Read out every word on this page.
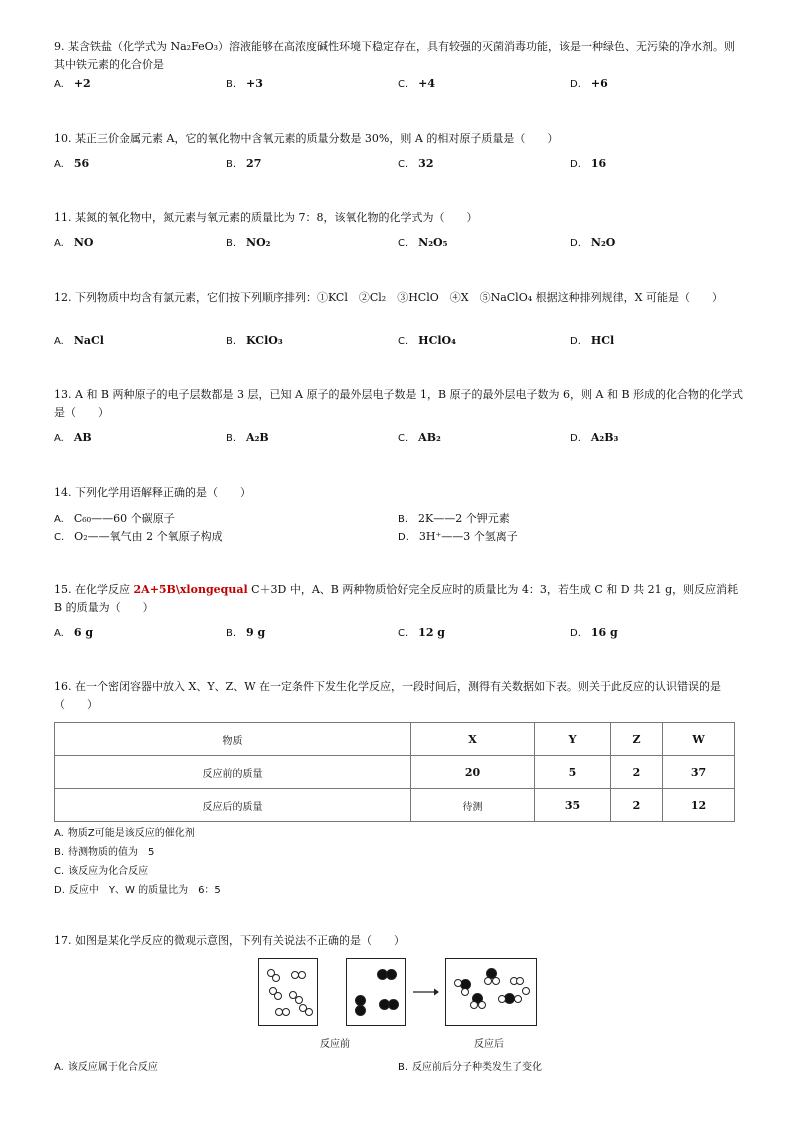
9. 某含铁盐（化学式为 Na₂FeO₃）溶液能够在高浓度碱性环境下稳定存在，具有较强的灭菌消毒功能，该是一种绿色、无污染的净水剂。则其中铁元素的化合价是
A. +2	B. +3	C. +4	D. +6
10. 某正三价金属元素 A，它的氧化物中含氧元素的质量分数是 30%，则 A 的相对原子质量是（　　）
A. 56	B. 27	C. 32	D. 16
11. 某氮的氧化物中，氮元素与氧元素的质量比为 7：8，该氧化物的化学式为（　　）
A. NO	B. NO₂	C. N₂O₅	D. N₂O
12. 下列物质中均含有氯元素，它们按下列顺序排列：①KCl　②Cl₂　③HClO　④X　⑤NaClO₄ 根据这种排列规律，X 可能是（　　）
A. NaCl	B. KClO₃	C. HClO₄	D. HCl
13. A 和 B 两种原子的电子层数都是 3 层，已知 A 原子的最外层电子数是 1，B 原子的最外层电子数为 6，则 A 和 B 形成的化合物的化学式是（　　）
A. AB	B. A₂B	C. AB₂	D. A₂B₃
14. 下列化学用语解释正确的是（　　）
A. C₆₀——60 个碳原子	B. 2K——2 个钾元素
C. O₂——氧气由 2 个氧原子构成	D. 3H⁺——3 个氢离子
15. 在化学反应 2A+5B\xlongequal C＋3D 中，A、B 两种物质恰好完全反应时的质量比为 4：3，若生成 C 和 D 共 21 g，则反应消耗 B 的质量为（　　）
A. 6 g	B. 9 g	C. 12 g	D. 16 g
16. 在一个密闭容器中放入 X、Y、Z、W 在一定条件下发生化学反应，一段时间后，测得有关数据如下表。则关于此反应的认识错误的是（　　）
物质	X	Y	Z	W
反应前的质量	20	5	2	37
反应后的质量	待测	35	2	12
A. 物质Z可能是该反应的催化剂
B. 待测物质的值为　5
C. 该反应为化合反应
D. 反应中　Y、W 的质量比为　6：5
17. 如图是某化学反应的微观示意图，下列有关说法不正确的是（　　）
反应前	反应后
A. 该反应属于化合反应	B. 反应前后分子种类发生了变化
